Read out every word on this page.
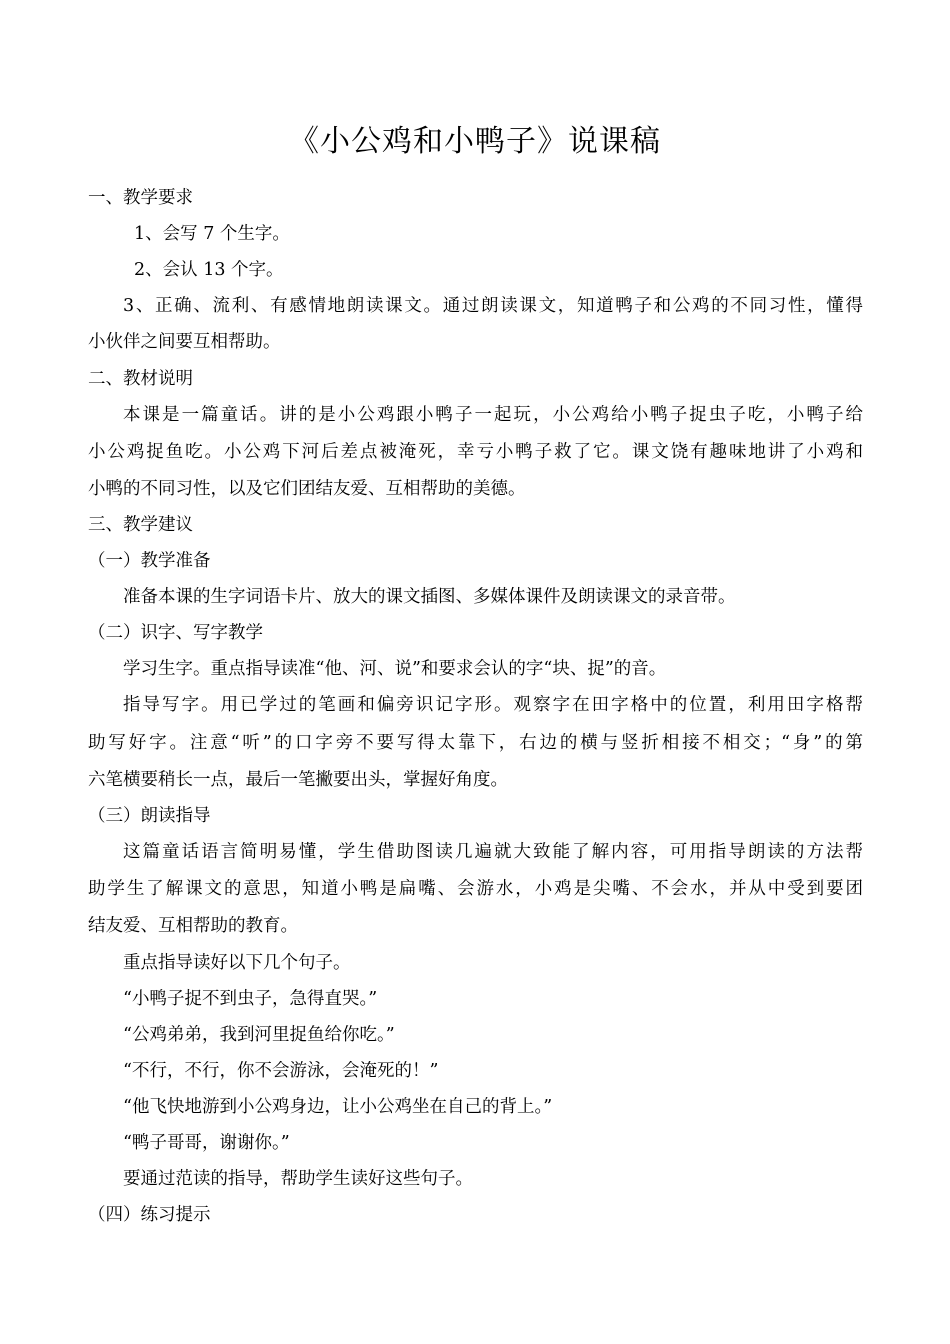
《小公鸡和小鸭子》说课稿
一、教学要求
1、会写 7 个生字。
2、会认 13 个字。
3、正确、流利、有感情地朗读课文。通过朗读课文，知道鸭子和公鸡的不同习性，懂得
小伙伴之间要互相帮助。
二、教材说明
本课是一篇童话。讲的是小公鸡跟小鸭子一起玩，小公鸡给小鸭子捉虫子吃，小鸭子给
小公鸡捉鱼吃。小公鸡下河后差点被淹死，幸亏小鸭子救了它。课文饶有趣味地讲了小鸡和
小鸭的不同习性，以及它们团结友爱、互相帮助的美德。
三、教学建议
（一）教学准备
准备本课的生字词语卡片、放大的课文插图、多媒体课件及朗读课文的录音带。
（二）识字、写字教学
学习生字。重点指导读准“他、河、说”和要求会认的字“块、捉”的音。
指导写字。用已学过的笔画和偏旁识记字形。观察字在田字格中的位置，利用田字格帮
助写好字。注意“听”的口字旁不要写得太靠下，右边的横与竖折相接不相交；“身”的第
六笔横要稍长一点，最后一笔撇要出头，掌握好角度。
（三）朗读指导
这篇童话语言简明易懂，学生借助图读几遍就大致能了解内容，可用指导朗读的方法帮
助学生了解课文的意思，知道小鸭是扁嘴、会游水，小鸡是尖嘴、不会水，并从中受到要团
结友爱、互相帮助的教育。
重点指导读好以下几个句子。
“小鸭子捉不到虫子，急得直哭。”
“公鸡弟弟，我到河里捉鱼给你吃。”
“不行，不行，你不会游泳，会淹死的！”
“他飞快地游到小公鸡身边，让小公鸡坐在自己的背上。”
“鸭子哥哥，谢谢你。”
要通过范读的指导，帮助学生读好这些句子。
（四）练习提示
